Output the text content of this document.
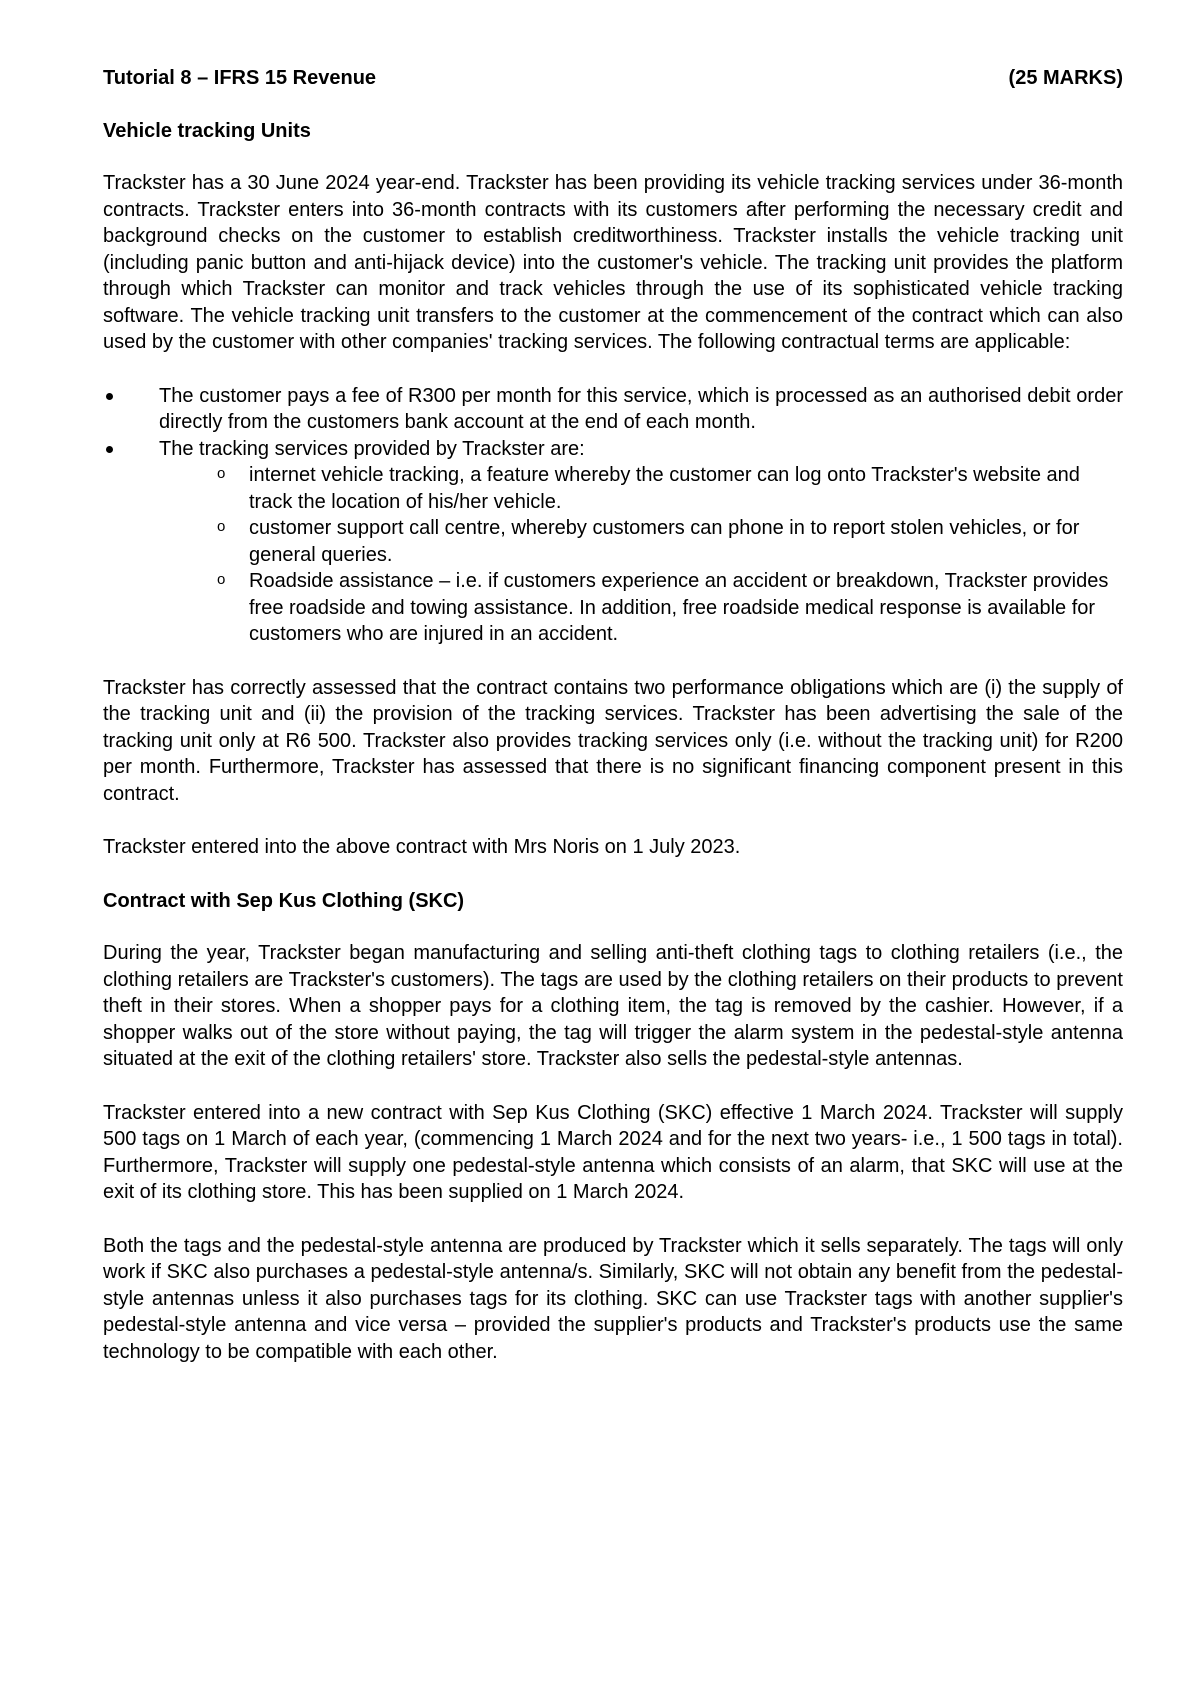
Tutorial 8 – IFRS 15 Revenue	(25 MARKS)
Vehicle tracking Units

Trackster has a 30 June 2024 year-end. Trackster has been providing its vehicle tracking services under 36-month contracts. Trackster enters into 36-month contracts with its customers after performing the necessary credit and background checks on the customer to establish creditworthiness. Trackster installs the vehicle tracking unit (including panic button and anti-hijack device) into the customer's vehicle. The tracking unit provides the platform through which Trackster can monitor and track vehicles through the use of its sophisticated vehicle tracking software. The vehicle tracking unit transfers to the customer at the commencement of the contract which can also used by the customer with other companies' tracking services. The following contractual terms are applicable:

The customer pays a fee of R300 per month for this service, which is processed as an authorised debit order directly from the customers bank account at the end of each month.
The tracking services provided by Trackster are:
o internet vehicle tracking, a feature whereby the customer can log onto Trackster's website and track the location of his/her vehicle.
o customer support call centre, whereby customers can phone in to report stolen vehicles, or for general queries.
o Roadside assistance – i.e. if customers experience an accident or breakdown, Trackster provides free roadside and towing assistance. In addition, free roadside medical response is available for customers who are injured in an accident.

Trackster has correctly assessed that the contract contains two performance obligations which are (i) the supply of the tracking unit and (ii) the provision of the tracking services. Trackster has been advertising the sale of the tracking unit only at R6 500. Trackster also provides tracking services only (i.e. without the tracking unit) for R200 per month. Furthermore, Trackster has assessed that there is no significant financing component present in this contract.

Trackster entered into the above contract with Mrs Noris on 1 July 2023.

Contract with Sep Kus Clothing (SKC)

During the year, Trackster began manufacturing and selling anti-theft clothing tags to clothing retailers (i.e., the clothing retailers are Trackster's customers). The tags are used by the clothing retailers on their products to prevent theft in their stores. When a shopper pays for a clothing item, the tag is removed by the cashier. However, if a shopper walks out of the store without paying, the tag will trigger the alarm system in the pedestal-style antenna situated at the exit of the clothing retailers' store. Trackster also sells the pedestal-style antennas.

Trackster entered into a new contract with Sep Kus Clothing (SKC) effective 1 March 2024. Trackster will supply 500 tags on 1 March of each year, (commencing 1 March 2024 and for the next two years- i.e., 1 500 tags in total). Furthermore, Trackster will supply one pedestal-style antenna which consists of an alarm, that SKC will use at the exit of its clothing store. This has been supplied on 1 March 2024.

Both the tags and the pedestal-style antenna are produced by Trackster which it sells separately. The tags will only work if SKC also purchases a pedestal-style antenna/s. Similarly, SKC will not obtain any benefit from the pedestal-style antennas unless it also purchases tags for its clothing. SKC can use Trackster tags with another supplier's pedestal-style antenna and vice versa – provided the supplier's products and Trackster's products use the same technology to be compatible with each other.
